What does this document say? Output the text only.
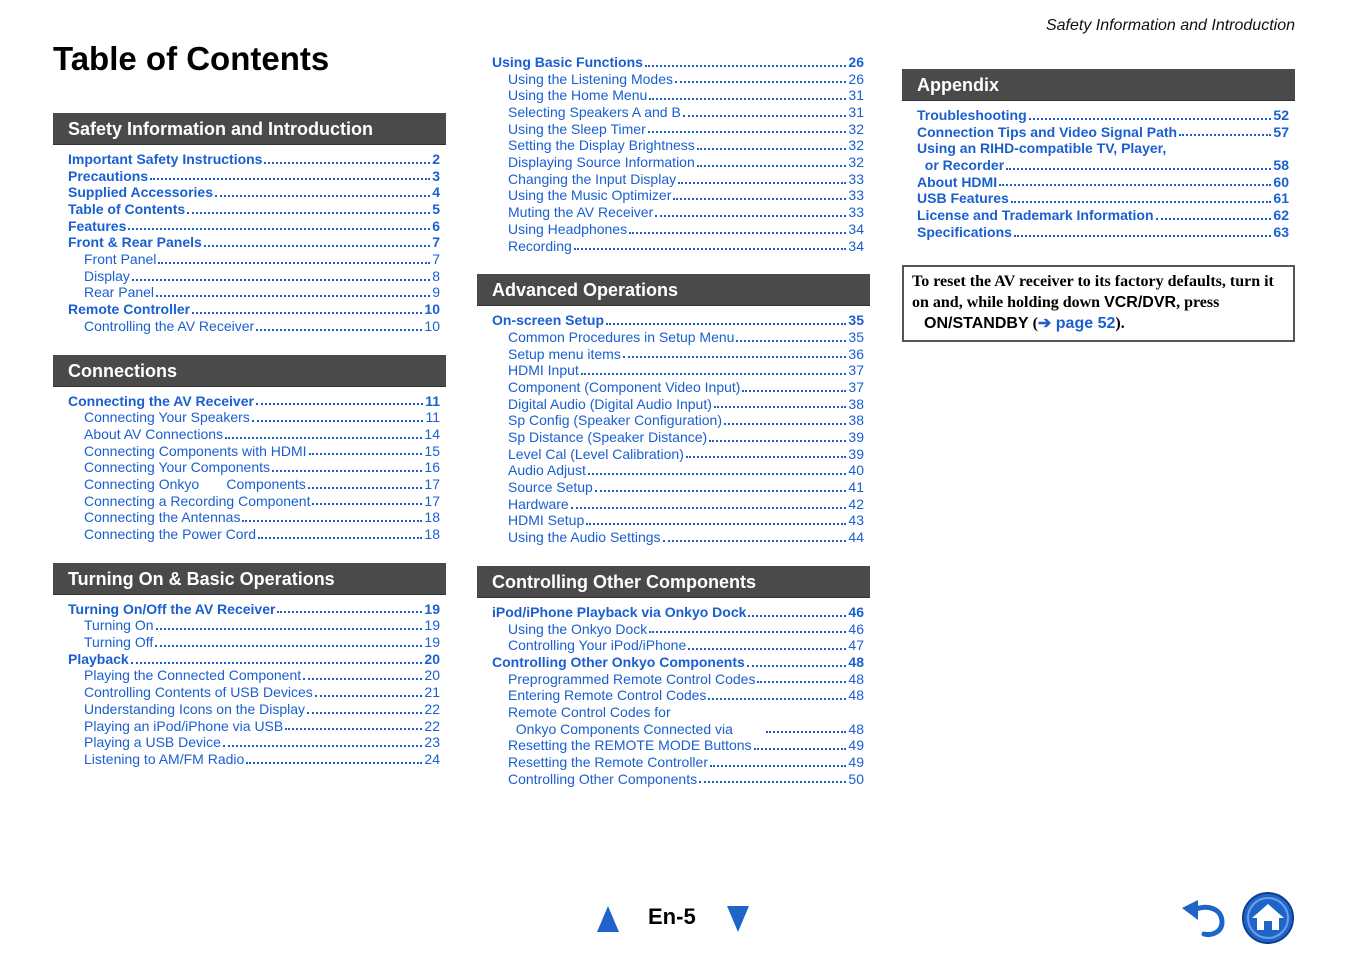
Safety Information and Introduction
Table of Contents
Safety Information and Introduction
Important Safety Instructions	2
Precautions	3
Supplied Accessories	4
Table of Contents	5
Features	6
Front & Rear Panels	7
Front Panel	7
Display	8
Rear Panel	9
Remote Controller	10
Controlling the AV Receiver	10
Connections
Connecting the AV Receiver	11
Connecting Your Speakers	11
About AV Connections	14
Connecting Components with HDMI	15
Connecting Your Components	16
Connecting Onkyo       Components	17
Connecting a Recording Component	17
Connecting the Antennas	18
Connecting the Power Cord	18
Turning On & Basic Operations
Turning On/Off the AV Receiver	19
Turning On	19
Turning Off	19
Playback	20
Playing the Connected Component	20
Controlling Contents of USB Devices	21
Understanding Icons on the Display	22
Playing an iPod/iPhone via USB	22
Playing a USB Device	23
Listening to AM/FM Radio	24
Using Basic Functions	26
Using the Listening Modes	26
Using the Home Menu	31
Selecting Speakers A and B	31
Using the Sleep Timer	32
Setting the Display Brightness	32
Displaying Source Information	32
Changing the Input Display	33
Using the Music Optimizer	33
Muting the AV Receiver	33
Using Headphones	34
Recording	34
Advanced Operations
On-screen Setup	35
Common Procedures in Setup Menu	35
Setup menu items	36
HDMI Input	37
Component (Component Video Input)	37
Digital Audio (Digital Audio Input)	38
Sp Config (Speaker Configuration)	38
Sp Distance (Speaker Distance)	39
Level Cal (Level Calibration)	39
Audio Adjust	40
Source Setup	41
Hardware	42
HDMI Setup	43
Using the Audio Settings	44
Controlling Other Components
iPod/iPhone Playback via Onkyo Dock	46
Using the Onkyo Dock	46
Controlling Your iPod/iPhone	47
Controlling Other Onkyo Components	48
Preprogrammed Remote Control Codes	48
Entering Remote Control Codes	48
Remote Control Codes for
Onkyo Components Connected via	48
Resetting the REMOTE MODE Buttons	49
Resetting the Remote Controller	49
Controlling Other Components	50
Appendix
Troubleshooting	52
Connection Tips and Video Signal Path	57
Using an RIHD-compatible TV, Player,
or Recorder	58
About HDMI	60
USB Features	61
License and Trademark Information	62
Specifications	63
To reset the AV receiver to its factory defaults, turn it on and, while holding down VCR/DVR, press
ON/STANDBY (➔ page 52).
En-5
